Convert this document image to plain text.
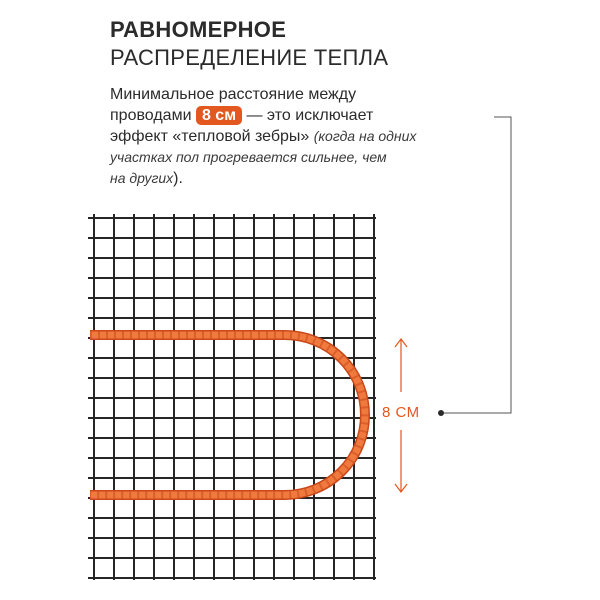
РАВНОМЕРНОЕ
РАСПРЕДЕЛЕНИЕ ТЕПЛА
Минимальное расстояние между
проводами 8 см — это исключает
эффект «тепловой зебры» (когда на одних
участках пол прогревается сильнее, чем
на других).
8 СМ
